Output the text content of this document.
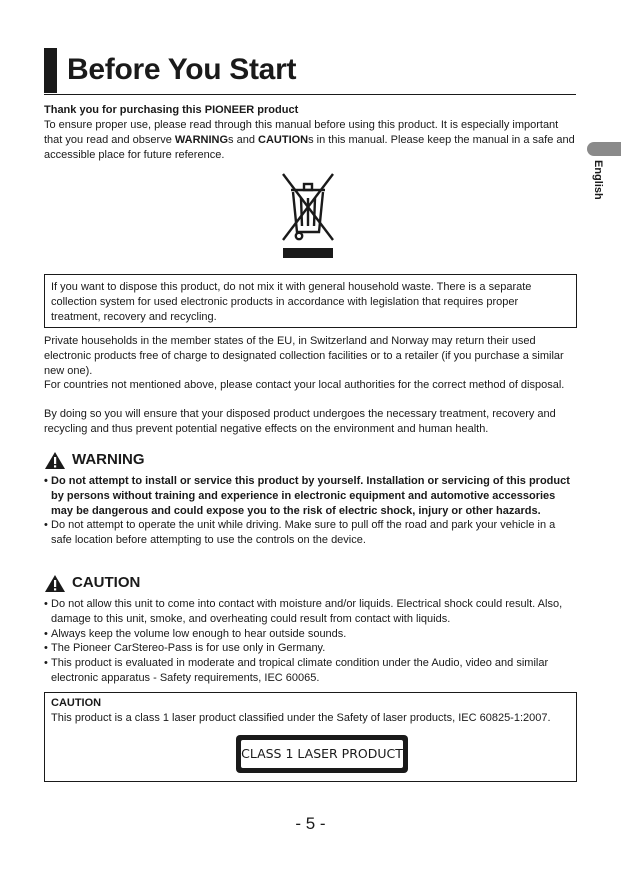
Before You Start
English
Thank you for purchasing this PIONEER product
To ensure proper use, please read through this manual before using this product. It is especially important that you read and observe WARNINGs and CAUTIONs in this manual. Please keep the manual in a safe and accessible place for future reference.
If you want to dispose this product, do not mix it with general household waste. There is a separate collection system for used electronic products in accordance with legislation that requires proper treatment, recovery and recycling.
Private households in the member states of the EU, in Switzerland and Norway may return their used electronic products free of charge to designated collection facilities or to a retailer (if you purchase a similar new one).
For countries not mentioned above, please contact your local authorities for the correct method of disposal.
By doing so you will ensure that your disposed product undergoes the necessary treatment, recovery and recycling and thus prevent potential negative effects on the environment and human health.
WARNING
• Do not attempt to install or service this product by yourself. Installation or servicing of this product by persons without training and experience in electronic equipment and automotive accessories may be dangerous and could expose you to the risk of electric shock, injury or other hazards.
• Do not attempt to operate the unit while driving. Make sure to pull off the road and park your vehicle in a safe location before attempting to use the controls on the device.
CAUTION
• Do not allow this unit to come into contact with moisture and/or liquids. Electrical shock could result. Also, damage to this unit, smoke, and overheating could result from contact with liquids.
• Always keep the volume low enough to hear outside sounds.
• The Pioneer CarStereo-Pass is for use only in Germany.
• This product is evaluated in moderate and tropical climate condition under the Audio, video and similar electronic apparatus - Safety requirements, IEC 60065.
CAUTION
This product is a class 1 laser product classified under the Safety of laser products, IEC 60825-1:2007.
CLASS 1 LASER PRODUCT
- 5 -
